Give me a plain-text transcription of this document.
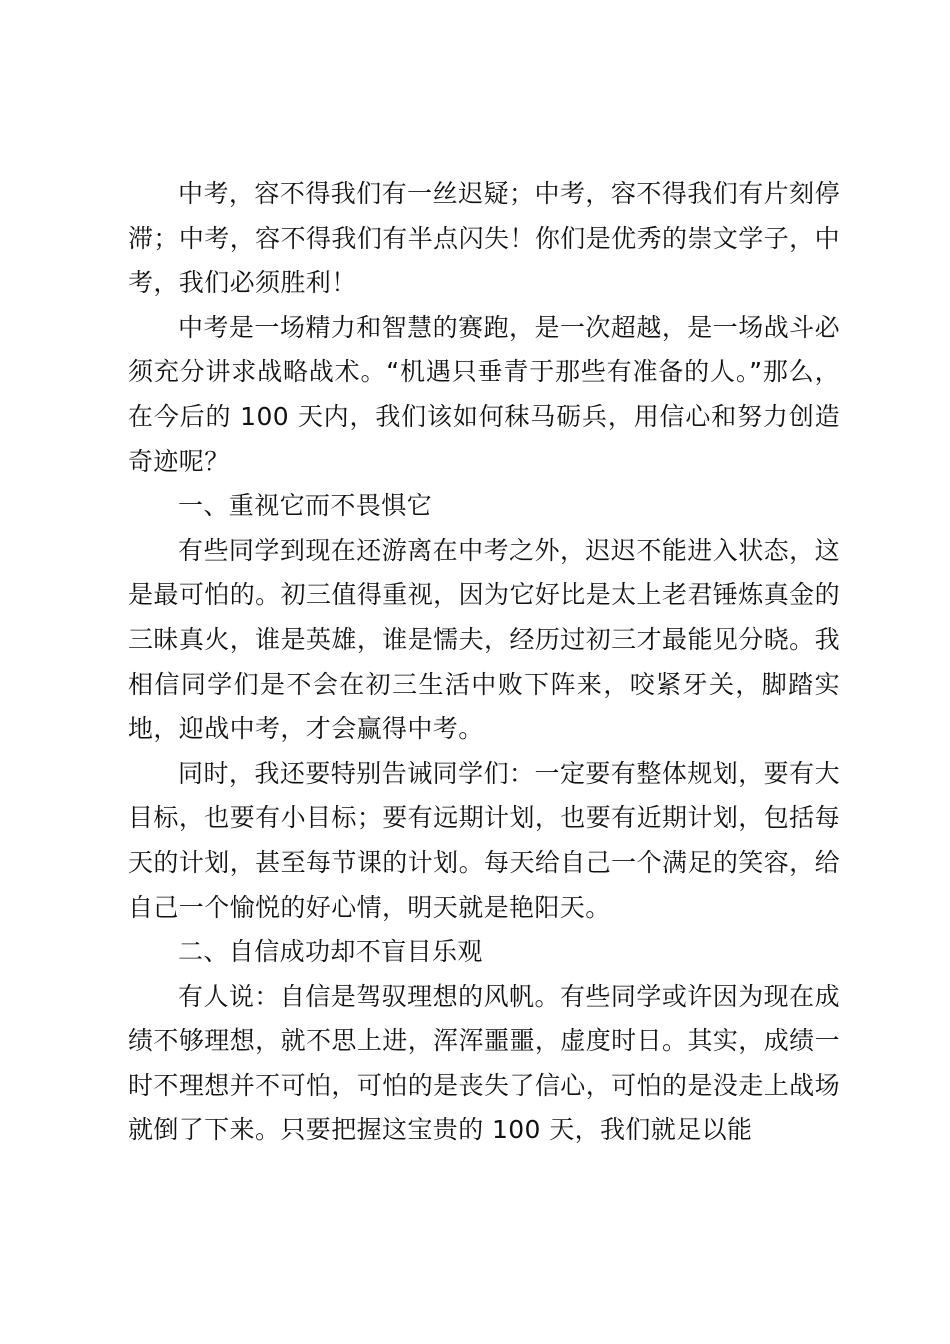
中考，容不得我们有一丝迟疑；中考，容不得我们有片刻停滞；中考，容不得我们有半点闪失！你们是优秀的崇文学子，中考，我们必须胜利！

中考是一场精力和智慧的赛跑，是一次超越，是一场战斗必须充分讲求战略战术。“机遇只垂青于那些有准备的人。”那么，在今后的 100 天内，我们该如何秣马砺兵，用信心和努力创造奇迹呢？

一、重视它而不畏惧它

有些同学到现在还游离在中考之外，迟迟不能进入状态，这是最可怕的。初三值得重视，因为它好比是太上老君锤炼真金的三昧真火，谁是英雄，谁是懦夫，经历过初三才最能见分晓。我相信同学们是不会在初三生活中败下阵来，咬紧牙关，脚踏实地，迎战中考，才会赢得中考。

同时，我还要特别告诫同学们：一定要有整体规划，要有大目标，也要有小目标；要有远期计划，也要有近期计划，包括每天的计划，甚至每节课的计划。每天给自己一个满足的笑容，给自己一个愉悦的好心情，明天就是艳阳天。

二、自信成功却不盲目乐观

有人说：自信是驾驭理想的风帆。有些同学或许因为现在成绩不够理想，就不思上进，浑浑噩噩，虚度时日。其实，成绩一时不理想并不可怕，可怕的是丧失了信心，可怕的是没走上战场就倒了下来。只要把握这宝贵的 100 天，我们就足以能
